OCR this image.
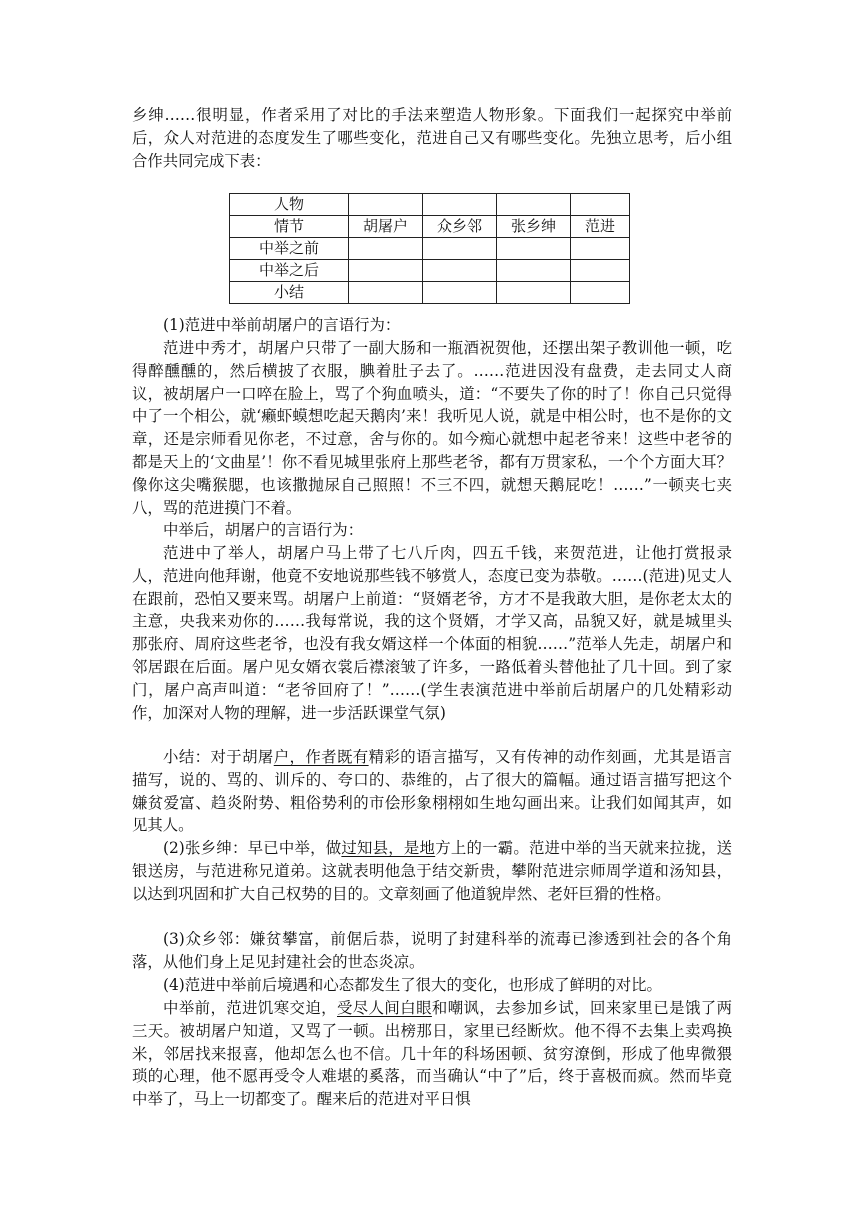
乡绅……很明显，作者采用了对比的手法来塑造人物形象。下面我们一起探究中举前后，众人对范进的态度发生了哪些变化，范进自己又有哪些变化。先独立思考，后小组合作共同完成下表：

人物				
情节	胡屠户	众乡邻	张乡绅	范进
中举之前				
中举之后				
小结				

(1)范进中举前胡屠户的言语行为：

范进中秀才，胡屠户只带了一副大肠和一瓶酒祝贺他，还摆出架子教训他一顿，吃得醉醺醺的，然后横披了衣服，腆着肚子去了。……范进因没有盘费，走去同丈人商议，被胡屠户一口啐在脸上，骂了个狗血喷头，道：“不要失了你的时了！你自己只觉得中了一个相公，就‘癞虾蟆想吃起天鹅肉’来！我听见人说，就是中相公时，也不是你的文章，还是宗师看见你老，不过意，舍与你的。如今痴心就想中起老爷来！这些中老爷的都是天上的‘文曲星’！你不看见城里张府上那些老爷，都有万贯家私，一个个方面大耳？像你这尖嘴猴腮，也该撒抛尿自己照照！不三不四，就想天鹅屁吃！……”一顿夹七夹八，骂的范进摸门不着。

中举后，胡屠户的言语行为：

范进中了举人，胡屠户马上带了七八斤肉，四五千钱，来贺范进，让他打赏报录人，范进向他拜谢，他竟不安地说那些钱不够赏人，态度已变为恭敬。……(范进)见丈人在跟前，恐怕又要来骂。胡屠户上前道：“贤婿老爷，方才不是我敢大胆，是你老太太的主意，央我来劝你的……我每常说，我的这个贤婿，才学又高，品貌又好，就是城里头那张府、周府这些老爷，也没有我女婿这样一个体面的相貌……”范举人先走，胡屠户和邻居跟在后面。屠户见女婿衣裳后襟滚皱了许多，一路低着头替他扯了几十回。到了家门，屠户高声叫道：“老爷回府了！”……(学生表演范进中举前后胡屠户的几处精彩动作，加深对人物的理解，进一步活跃课堂气氛)

小结：对于胡屠户，作者既有精彩的语言描写，又有传神的动作刻画，尤其是语言描写，说的、骂的、训斥的、夸口的、恭维的，占了很大的篇幅。通过语言描写把这个嫌贫爱富、趋炎附势、粗俗势利的市侩形象栩栩如生地勾画出来。让我们如闻其声，如见其人。

(2)张乡绅：早已中举，做过知县，是地方上的一霸。范进中举的当天就来拉拢，送银送房，与范进称兄道弟。这就表明他急于结交新贵，攀附范进宗师周学道和汤知县，以达到巩固和扩大自己权势的目的。文章刻画了他道貌岸然、老奸巨猾的性格。

(3)众乡邻：嫌贫攀富，前倨后恭，说明了封建科举的流毒已渗透到社会的各个角落，从他们身上足见封建社会的世态炎凉。

(4)范进中举前后境遇和心态都发生了很大的变化，也形成了鲜明的对比。

中举前，范进饥寒交迫，受尽人间白眼和嘲讽，去参加乡试，回来家里已是饿了两三天。被胡屠户知道，又骂了一顿。出榜那日，家里已经断炊。他不得不去集上卖鸡换米，邻居找来报喜，他却怎么也不信。几十年的科场困顿、贫穷潦倒，形成了他卑微猥琐的心理，他不愿再受令人难堪的奚落，而当确认“中了”后，终于喜极而疯。然而毕竟中举了，马上一切都变了。醒来后的范进对平日惧
